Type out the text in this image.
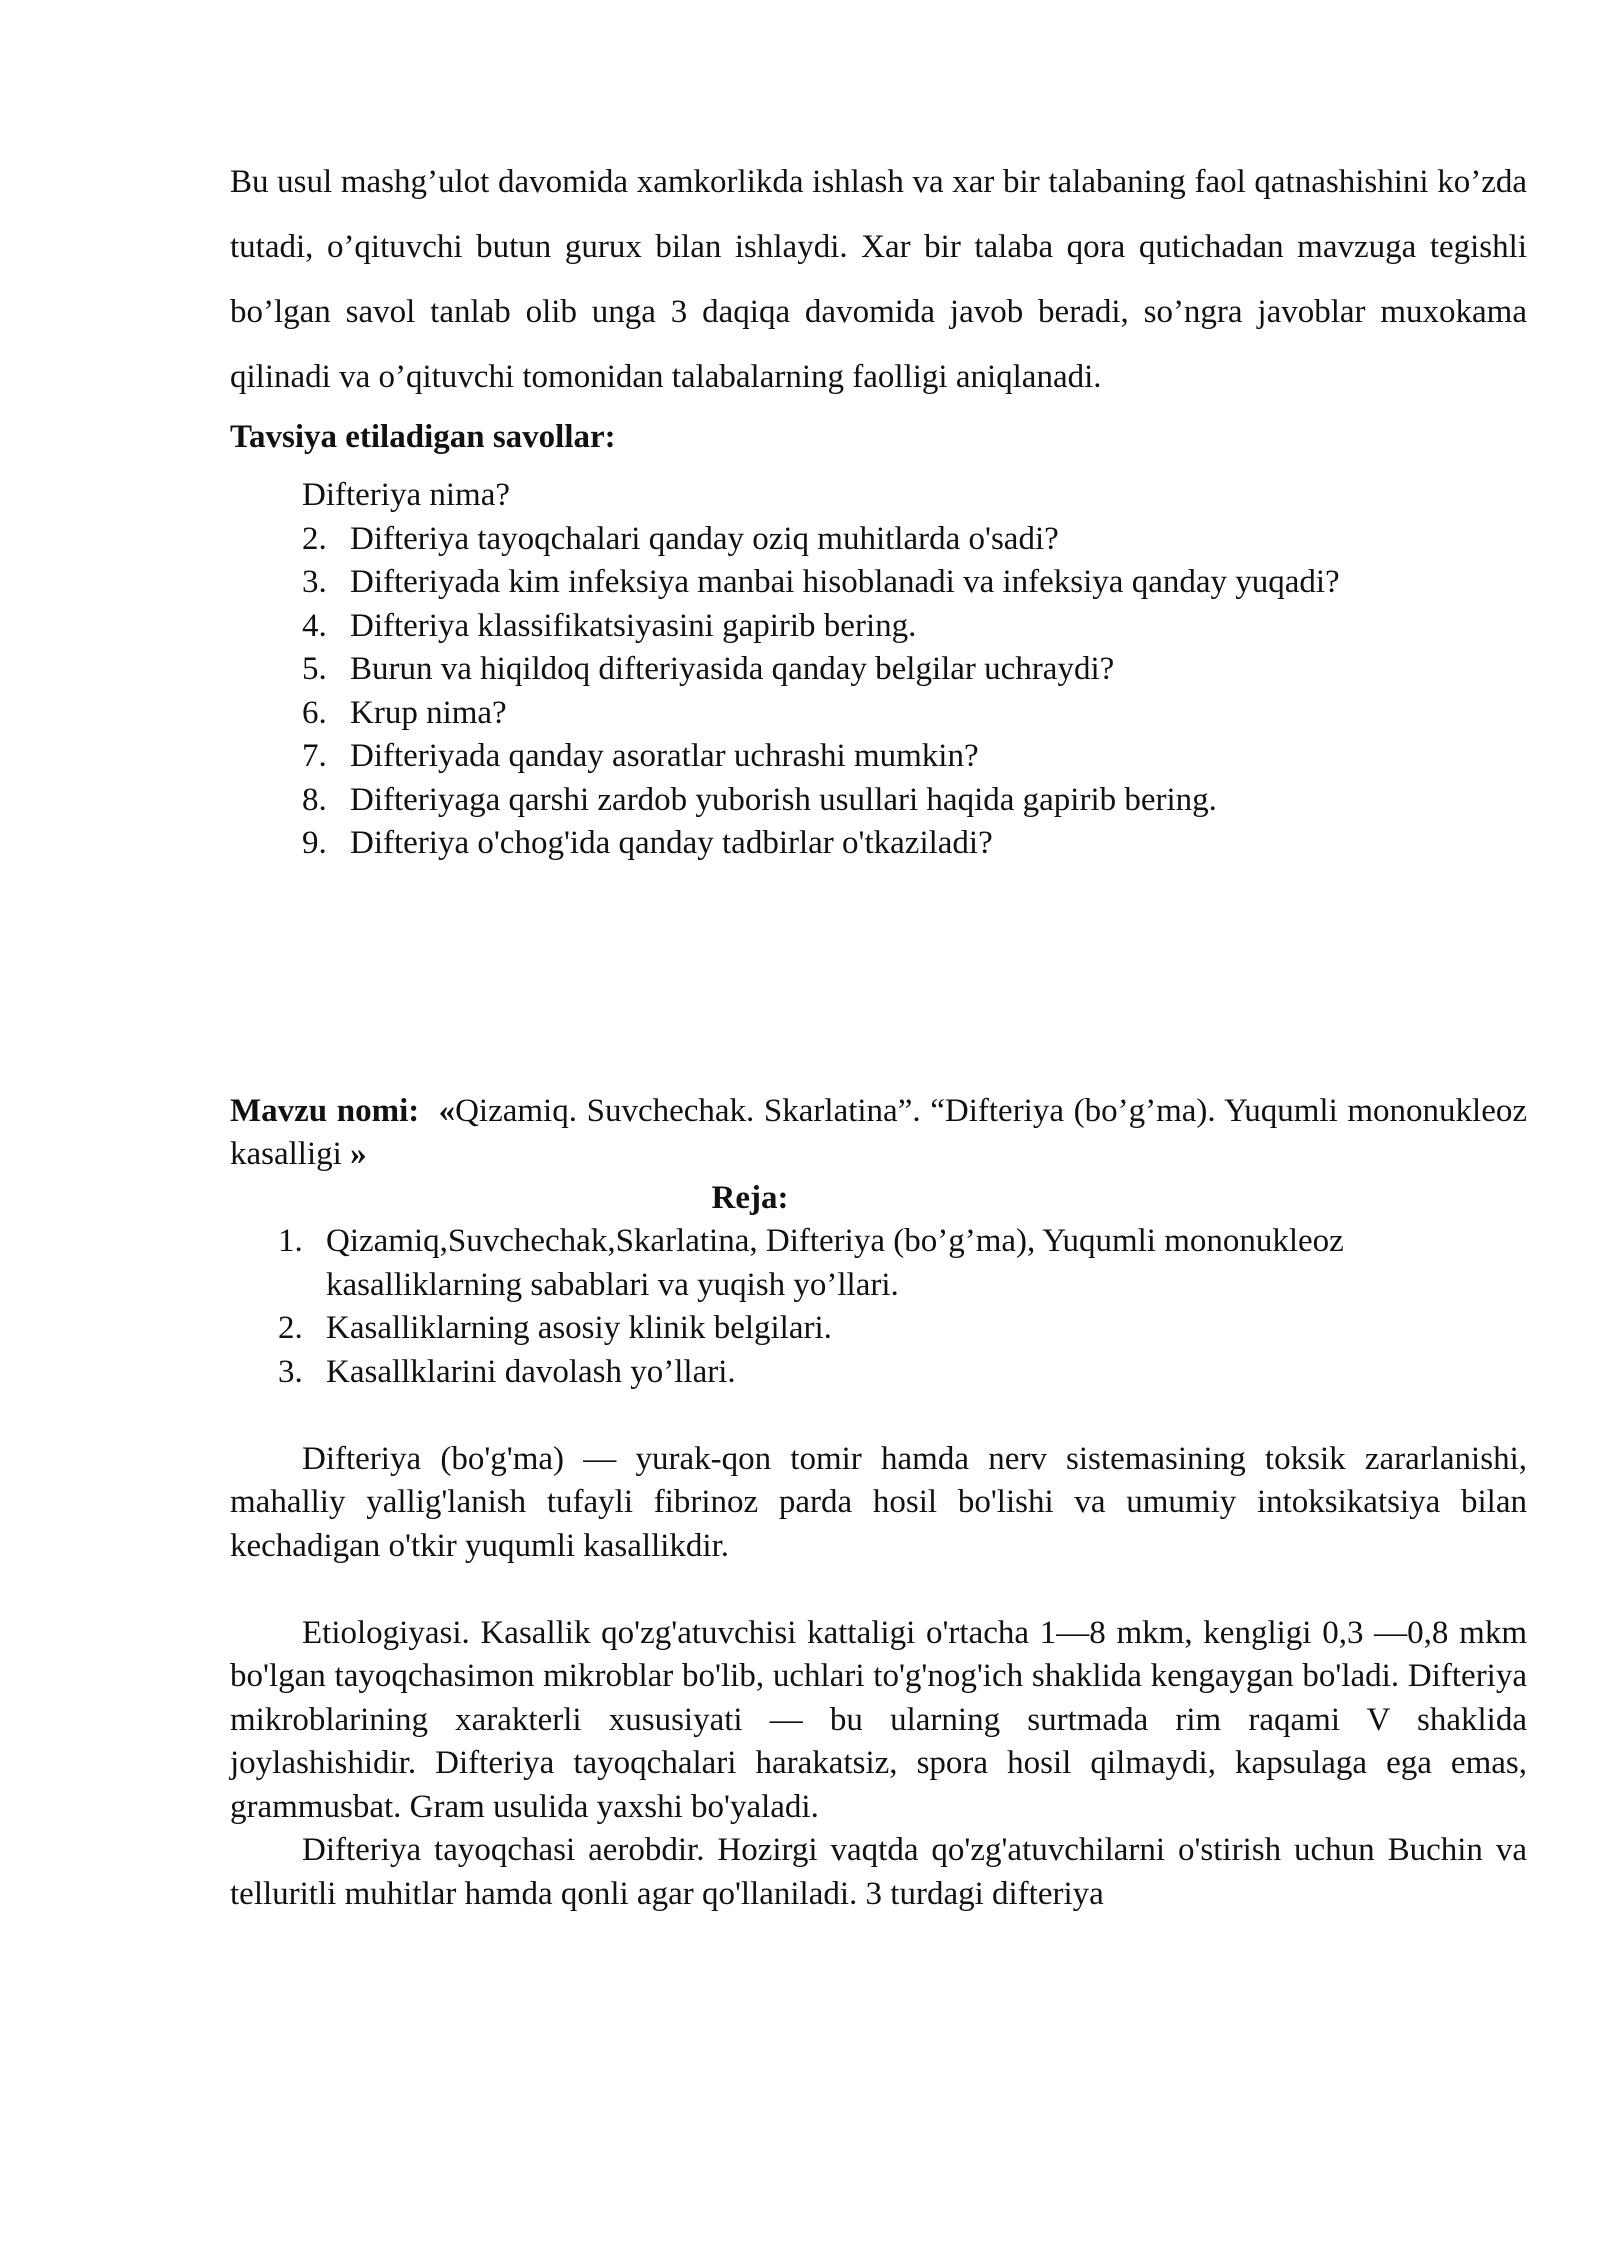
Bu usul mashg’ulot davomida xamkorlikda ishlash va xar bir talabaning faol qatnashishini ko’zda tutadi, o’qituvchi butun gurux bilan ishlaydi. Xar bir talaba qora qutichadan mavzuga tegishli bo’lgan savol tanlab olib unga 3 daqiqa davomida javob beradi, so’ngra javoblar muxokama qilinadi va o’qituvchi tomonidan talabalarning faolligi aniqlanadi.

Tavsiya etiladigan savollar:

Difteriya nima?
2. Difteriya tayoqchalari qanday oziq muhitlarda o'sadi?
3. Difteriyada kim infeksiya manbai hisoblanadi va infeksiya qanday yuqadi?
4. Difteriya klassifikatsiyasini gapirib bering.
5. Burun va hiqildoq difteriyasida qanday belgilar uchraydi?
6. Krup nima?
7. Difteriyada qanday asoratlar uchrashi mumkin?
8. Difteriyaga qarshi zardob yuborish usullari haqida gapirib bering.
9. Difteriya o'chog'ida qanday tadbirlar o'tkaziladi?

Mavzu nomi: «Qizamiq. Suvchechak. Skarlatina”. “Difteriya (bo’g’ma). Yuqumli mononukleoz kasalligi »

Reja:

1. Qizamiq,Suvchechak,Skarlatina, Difteriya (bo’g’ma), Yuqumli mononukleoz kasalliklarning sabablari va yuqish yo’llari.
2. Kasalliklarning asosiy klinik belgilari.
3. Kasallklarini davolash yo’llari.

Difteriya (bo'g'ma) — yurak-qon tomir hamda nerv sistemasining toksik zararlanishi, mahalliy yallig'lanish tufayli fibrinoz parda hosil bo'lishi va umumiy intoksikatsiya bilan kechadigan o'tkir yuqumli kasallikdir.

Etiologiyasi. Kasallik qo'zg'atuvchisi kattaligi o'rtacha 1—8 mkm, kengligi 0,3 —0,8 mkm bo'lgan tayoqchasimon mikroblar bo'lib, uchlari to'g'nog'ich shaklida kengaygan bo'ladi. Difteriya mikroblarining xarakterli xususiyati — bu ularning surtmada rim raqami V shaklida joylashishidir. Difteriya tayoqchalari harakatsiz, spora hosil qilmaydi, kapsulaga ega emas, grammusbat. Gram usulida yaxshi bo'yaladi.

Difteriya tayoqchasi aerobdir. Hozirgi vaqtda qo'zg'atuvchilarni o'stirish uchun Buchin va telluritli muhitlar hamda qonli agar qo'llaniladi. 3 turdagi difteriya
